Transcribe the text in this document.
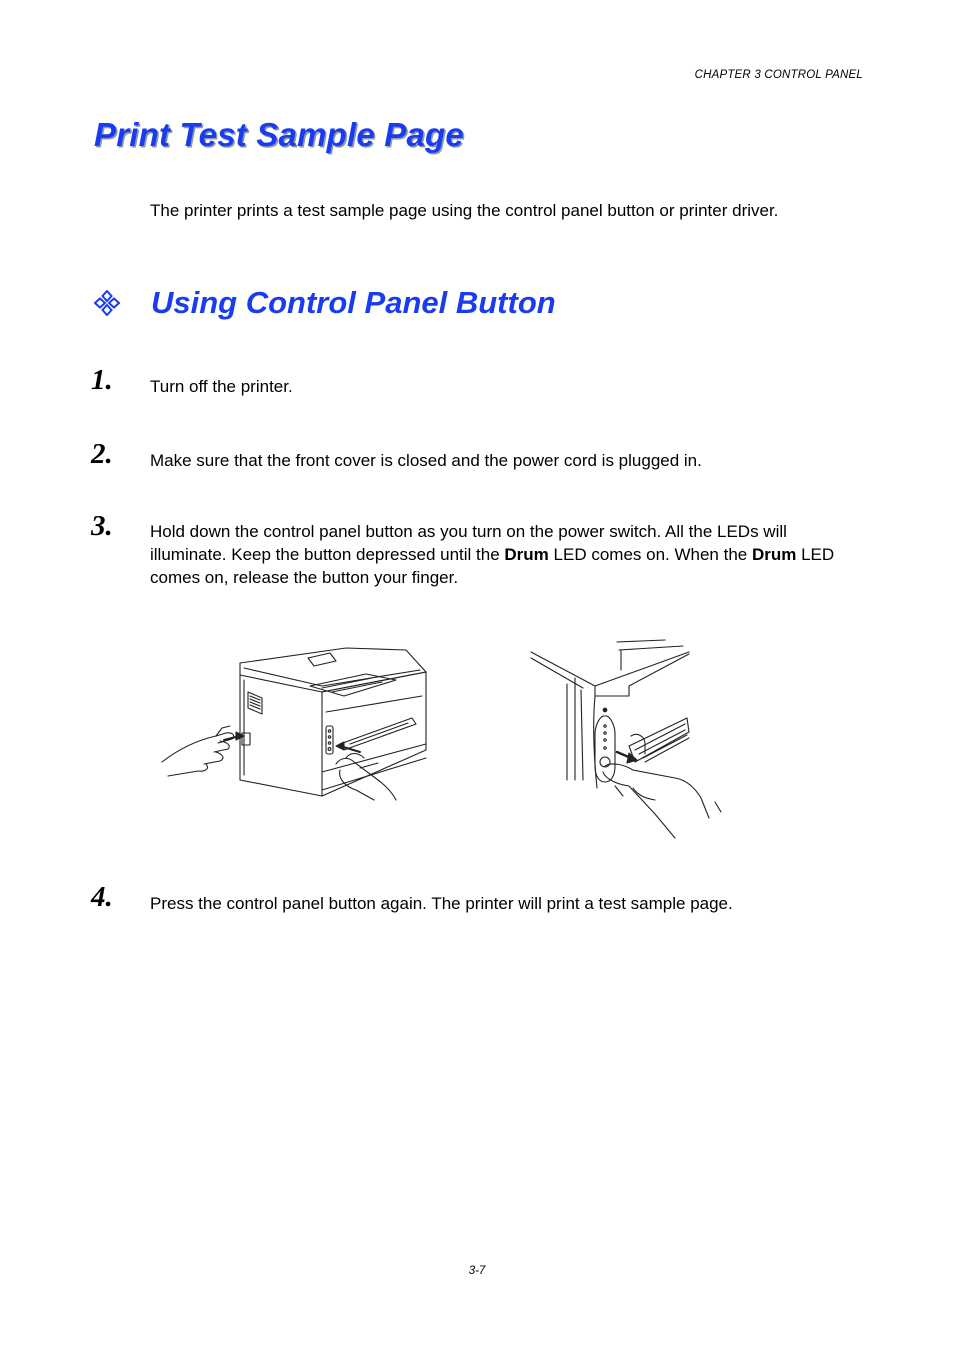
CHAPTER 3 CONTROL PANEL
Print Test Sample Page
The printer prints a test sample page using the control panel button or printer driver.
Using Control Panel Button
1. Turn off the printer.
2. Make sure that the front cover is closed and the power cord is plugged in.
3. Hold down the control panel button as you turn on the power switch. All the LEDs will illuminate. Keep the button depressed until the Drum LED comes on. When the Drum LED comes on, release the button your finger.
4. Press the control panel button again. The printer will print a test sample page.
3-7
